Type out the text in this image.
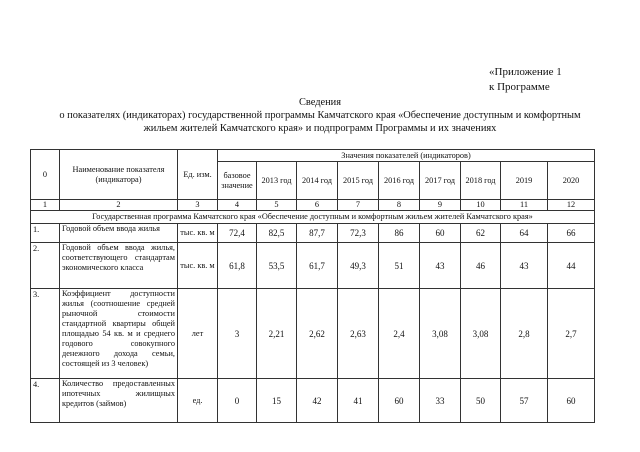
«Приложение 1
к Программе
Сведения
о показателях (индикаторах) государственной программы Камчатского края «Обеспечение доступным и комфортным
жильем жителей Камчатского края» и подпрограмм Программы и их значениях
0	Наименование показателя (индикатора)	Ед. изм.	Значения показателей (индикаторов)								
			базовое значение	2013 год	2014 год	2015 год	2016 год	2017 год	2018 год	2019	2020
1	2	3	4	5	6	7	8	9	10	11	12
Государственная программа Камчатского края «Обеспечение доступным и комфортным жильем жителей Камчатского края»											
1.	Годовой объем ввода жилья	тыс. кв. м	72,4	82,5	87,7	72,3	86	60	62	64	66
2.	Годовой объем ввода жилья, соответствующего стандартам экономического класса	тыс. кв. м	61,8	53,5	61,7	49,3	51	43	46	43	44
3.	Коэффициент доступности жилья (соотношение средней рыночной стоимости стандартной квартиры общей площадью 54 кв. м и среднего годового совокупного денежного дохода семьи, состоящей из 3 человек)	лет	3	2,21	2,62	2,63	2,4	3,08	3,08	2,8	2,7
4.	Количество предоставленных ипотечных жилищных кредитов (займов)	ед.	0	15	42	41	60	33	50	57	60
